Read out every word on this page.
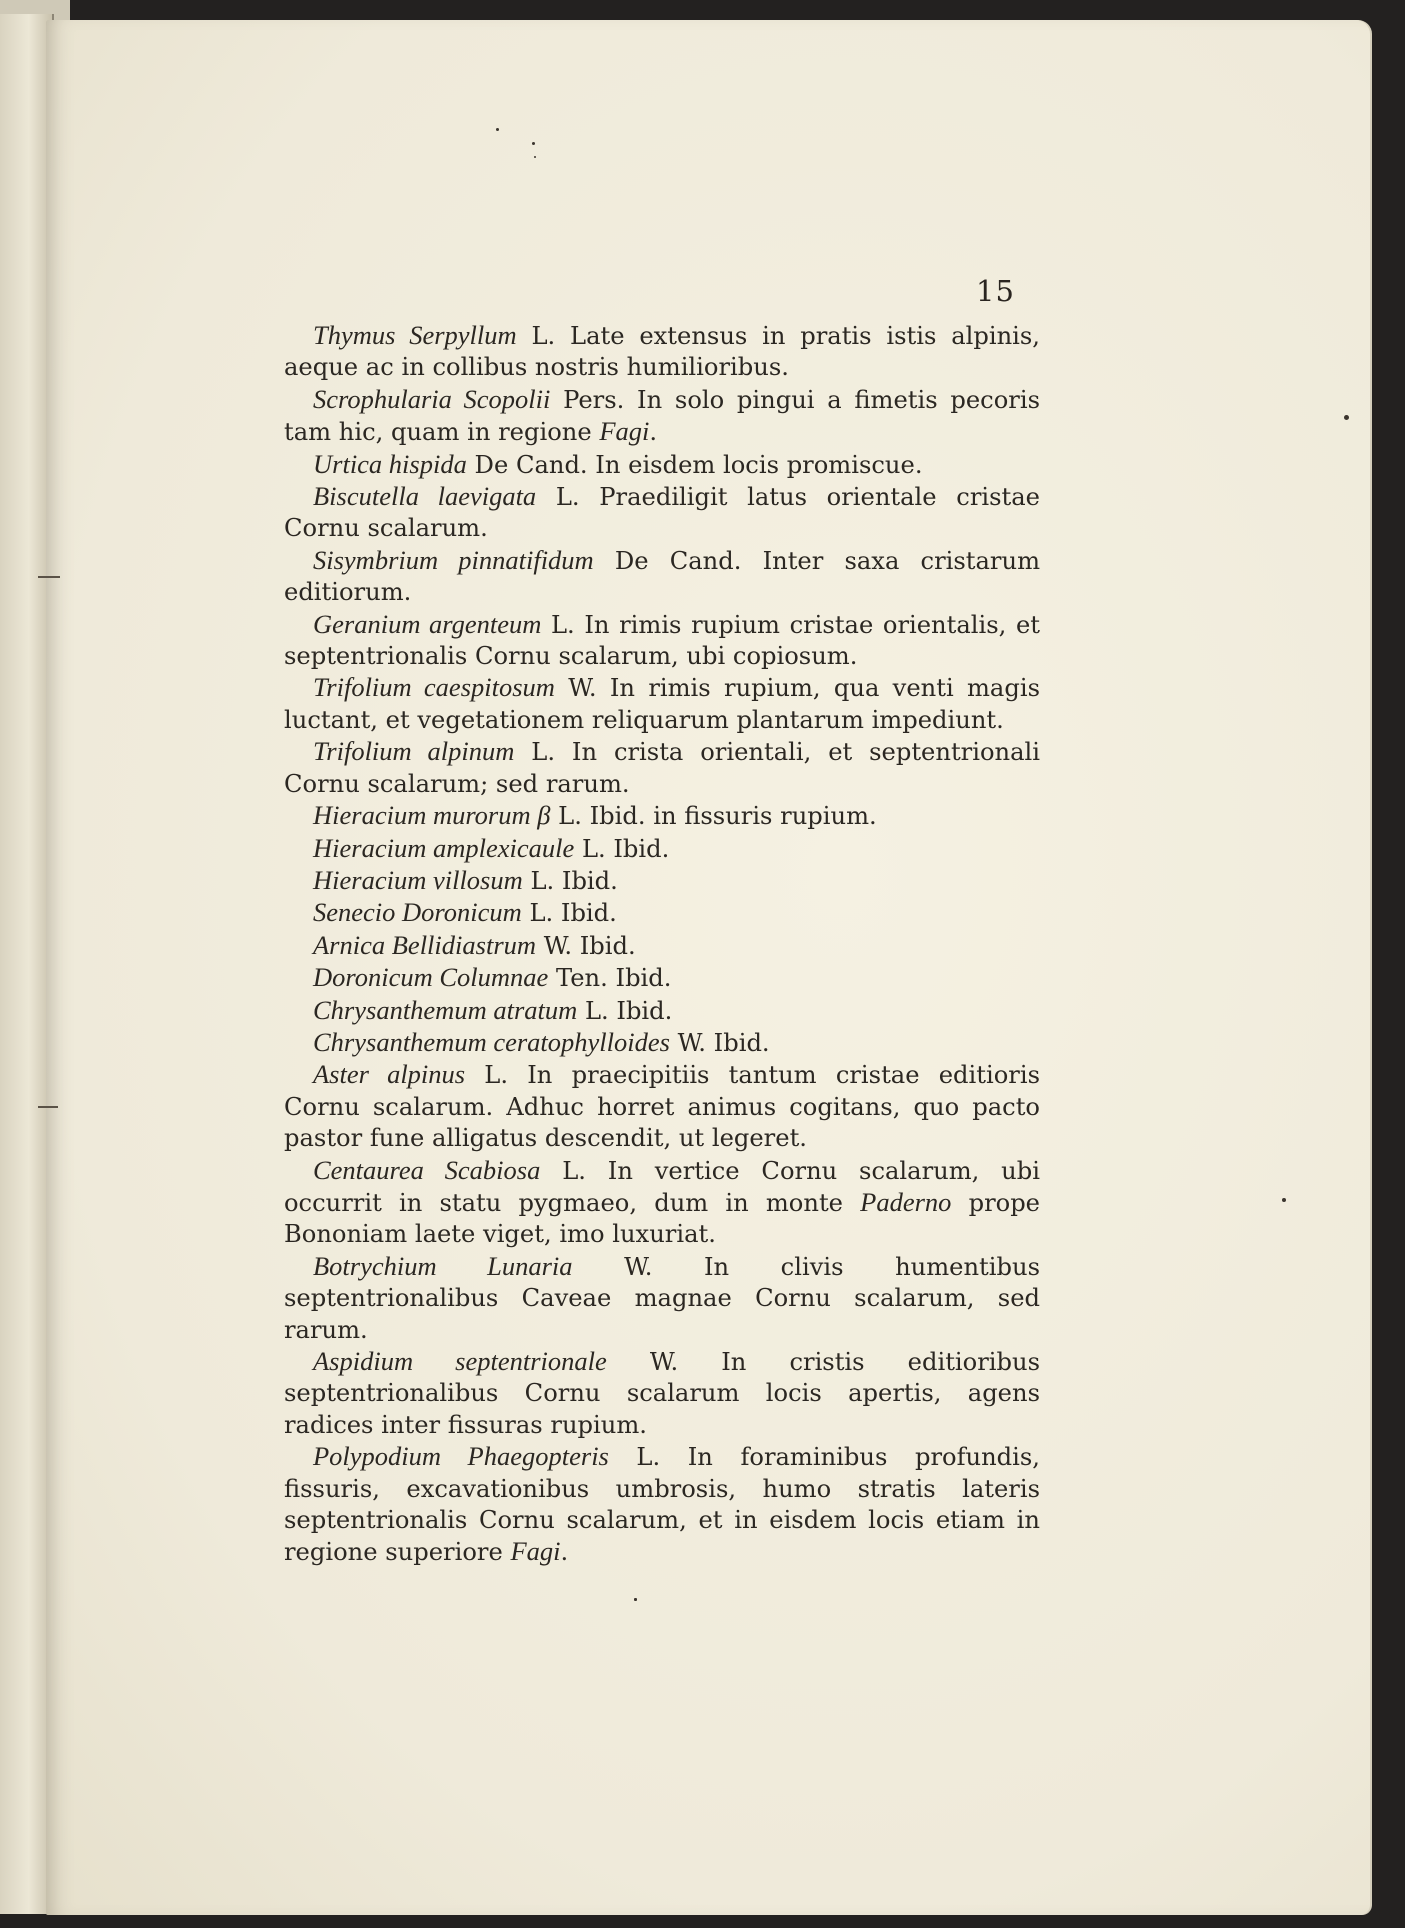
15

Thymus Serpyllum L. Late extensus in pratis istis alpinis, aeque ac in collibus nostris humilioribus.

Scrophularia Scopolii Pers. In solo pingui a fimetis pecoris tam hic, quam in regione Fagi.

Urtica hispida De Cand. In eisdem locis promiscue.

Biscutella laevigata L. Praediligit latus orientale cristae Cornu scalarum.

Sisymbrium pinnatifidum De Cand. Inter saxa cristarum editiorum.

Geranium argenteum L. In rimis rupium cristae orientalis, et septentrionalis Cornu scalarum, ubi copiosum.

Trifolium caespitosum W. In rimis rupium, qua venti magis luctant, et vegetationem reliquarum plantarum impediunt.

Trifolium alpinum L. In crista orientali, et septentrionali Cornu scalarum; sed rarum.

Hieracium murorum β L. Ibid. in fissuris rupium.

Hieracium amplexicaule L. Ibid.

Hieracium villosum L. Ibid.

Senecio Doronicum L. Ibid.

Arnica Bellidiastrum W. Ibid.

Doronicum Columnae Ten. Ibid.

Chrysanthemum atratum L. Ibid.

Chrysanthemum ceratophylloides W. Ibid.

Aster alpinus L. In praecipitiis tantum cristae editioris Cornu scalarum. Adhuc horret animus cogitans, quo pacto pastor fune alligatus descendit, ut legeret.

Centaurea Scabiosa L. In vertice Cornu scalarum, ubi occurrit in statu pygmaeo, dum in monte Paderno prope Bononiam laete viget, imo luxuriat.

Botrychium Lunaria W. In clivis humentibus septentrionalibus Caveae magnae Cornu scalarum, sed rarum.

Aspidium septentrionale W. In cristis editioribus septentrionalibus Cornu scalarum locis apertis, agens radices inter fissuras rupium.

Polypodium Phaegopteris L. In foraminibus profundis, fissuris, excavationibus umbrosis, humo stratis lateris septentrionalis Cornu scalarum, et in eisdem locis etiam in regione superiore Fagi.
